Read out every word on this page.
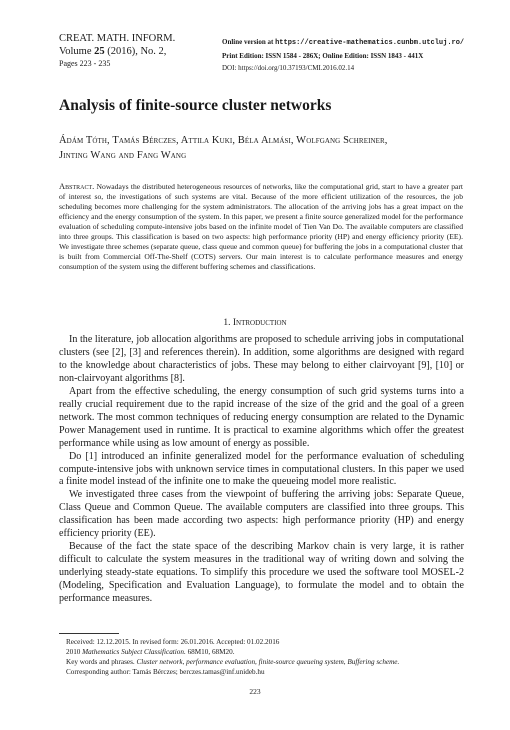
CREAT. MATH. INFORM.
Volume 25 (2016), No. 2,
Pages 223 - 235
Online version at https://creative-mathematics.cunbm.utcluj.ro/
Print Edition: ISSN 1584 - 286X; Online Edition: ISSN 1843 - 441X
DOI: https://doi.org/10.37193/CMI.2016.02.14
Analysis of finite-source cluster networks
Ádám Tóth, Tamás Bérczes, Attila Kuki, Béla Almási, Wolfgang Schreiner,
Jinting Wang and Fang Wang
Abstract. Nowadays the distributed heterogeneous resources of networks, like the computational grid, start to have a greater part of interest so, the investigations of such systems are vital. Because of the more efficient utilization of the resources, the job scheduling becomes more challenging for the system administrators. The allocation of the arriving jobs has a great impact on the efficiency and the energy consumption of the system. In this paper, we present a finite source generalized model for the performance evaluation of scheduling compute-intensive jobs based on the infinite model of Tien Van Do. The available computers are classified into three groups. This classification is based on two aspects: high performance priority (HP) and energy efficiency priority (EE). We investigate three schemes (separate queue, class queue and common queue) for buffering the jobs in a computational cluster that is built from Commercial Off-The-Shelf (COTS) servers. Our main interest is to calculate performance measures and energy consumption of the system using the different buffering schemes and classifications.
1. Introduction

In the literature, job allocation algorithms are proposed to schedule arriving jobs in computational clusters (see [2], [3] and references therein). In addition, some algorithms are designed with regard to the knowledge about characteristics of jobs. These may belong to either clairvoyant [9], [10] or non-clairvoyant algorithms [8].

Apart from the effective scheduling, the energy consumption of such grid systems turns into a really crucial requirement due to the rapid increase of the size of the grid and the goal of a green network. The most common techniques of reducing energy consumption are related to the Dynamic Power Management used in runtime. It is practical to examine algorithms which offer the greatest performance while using as low amount of energy as possible.

Do [1] introduced an infinite generalized model for the performance evaluation of scheduling compute-intensive jobs with unknown service times in computational clusters. In this paper we used a finite model instead of the infinite one to make the queueing model more realistic.

We investigated three cases from the viewpoint of buffering the arriving jobs: Separate Queue, Class Queue and Common Queue. The available computers are classified into three groups. This classification has been made according two aspects: high performance priority (HP) and energy efficiency priority (EE).

Because of the fact the state space of the describing Markov chain is very large, it is rather difficult to calculate the system measures in the traditional way of writing down and solving the underlying steady-state equations. To simplify this procedure we used the software tool MOSEL-2 (Modeling, Specification and Evaluation Language), to formulate the model and to obtain the performance measures.

Received: 12.12.2015. In revised form: 26.01.2016. Accepted: 01.02.2016
2010 Mathematics Subject Classification. 68M10, 68M20.
Key words and phrases. Cluster network, performance evaluation, finite-source queueing system, Buffering scheme.
Corresponding author: Tamás Bérczes; berczes.tamas@inf.unideb.hu
223
